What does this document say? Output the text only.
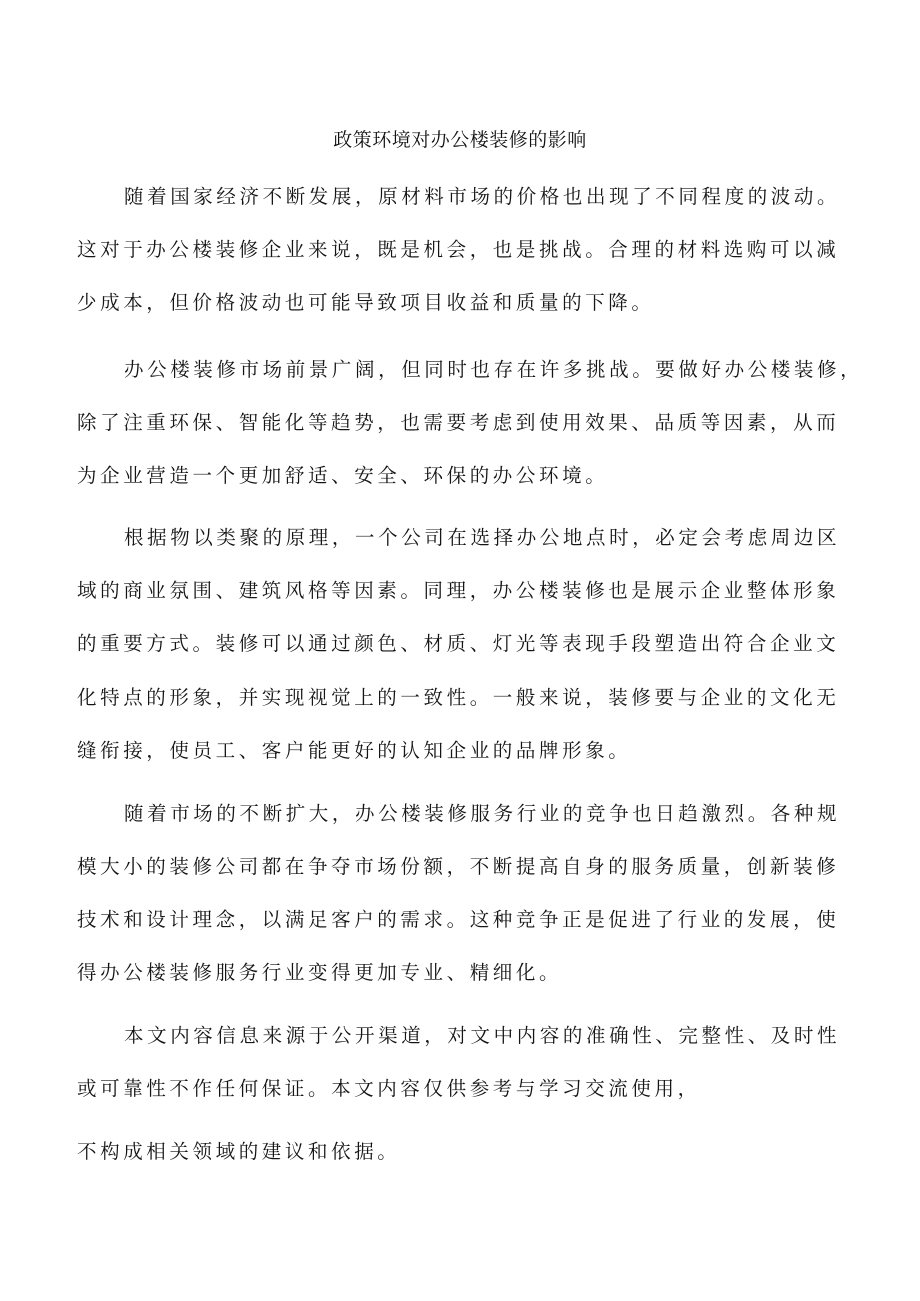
政策环境对办公楼装修的影响
随着国家经济不断发展，原材料市场的价格也出现了不同程度的波动。
这对于办公楼装修企业来说，既是机会，也是挑战。合理的材料选购可以减
少成本，但价格波动也可能导致项目收益和质量的下降。
办公楼装修市场前景广阔，但同时也存在许多挑战。要做好办公楼装修，
除了注重环保、智能化等趋势，也需要考虑到使用效果、品质等因素，从而
为企业营造一个更加舒适、安全、环保的办公环境。
根据物以类聚的原理，一个公司在选择办公地点时，必定会考虑周边区
域的商业氛围、建筑风格等因素。同理，办公楼装修也是展示企业整体形象
的重要方式。装修可以通过颜色、材质、灯光等表现手段塑造出符合企业文
化特点的形象，并实现视觉上的一致性。一般来说，装修要与企业的文化无
缝衔接，使员工、客户能更好的认知企业的品牌形象。
随着市场的不断扩大，办公楼装修服务行业的竞争也日趋激烈。各种规
模大小的装修公司都在争夺市场份额，不断提高自身的服务质量，创新装修
技术和设计理念，以满足客户的需求。这种竞争正是促进了行业的发展，使
得办公楼装修服务行业变得更加专业、精细化。
本文内容信息来源于公开渠道，对文中内容的准确性、完整性、及时性
或可靠性不作任何保证。本文内容仅供参考与学习交流使用，
不构成相关领域的建议和依据。
